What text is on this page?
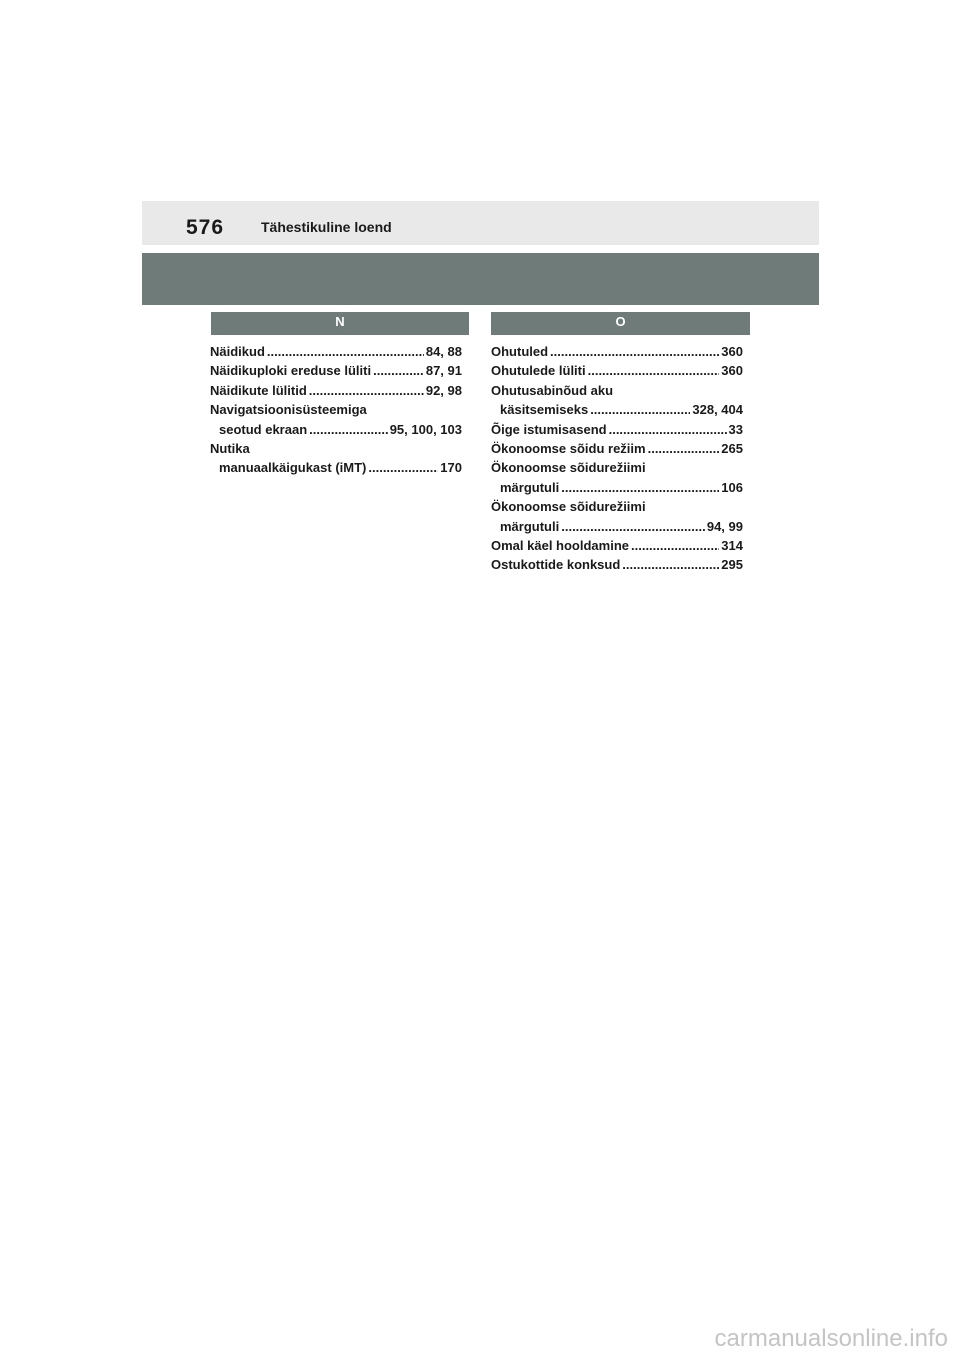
576	Tähestikuline loend
N	O
Näidikud .....	84, 88
Näidikuploki ereduse lüliti .....	87, 91
Näidikute lülitid .....	92, 98
Navigatsioonisüsteemiga
seotud ekraan .....	95, 100, 103
Nutika
manuaalkäigukast (iMT) .....	170
Ohutuled .....	360
Ohutulede lüliti .....	360
Ohutusabinõud aku
käsitsemiseks .....	328, 404
Õige istumisasend .....	33
Ökonoomse sõidu režiim .....	265
Ökonoomse sõidurežiimi
märgutuli .....	106
Ökonoomse sõidurežiimi
märgutuli .....	94, 99
Omal käel hooldamine .....	314
Ostukottide konksud .....	295
carmanualsonline.info
